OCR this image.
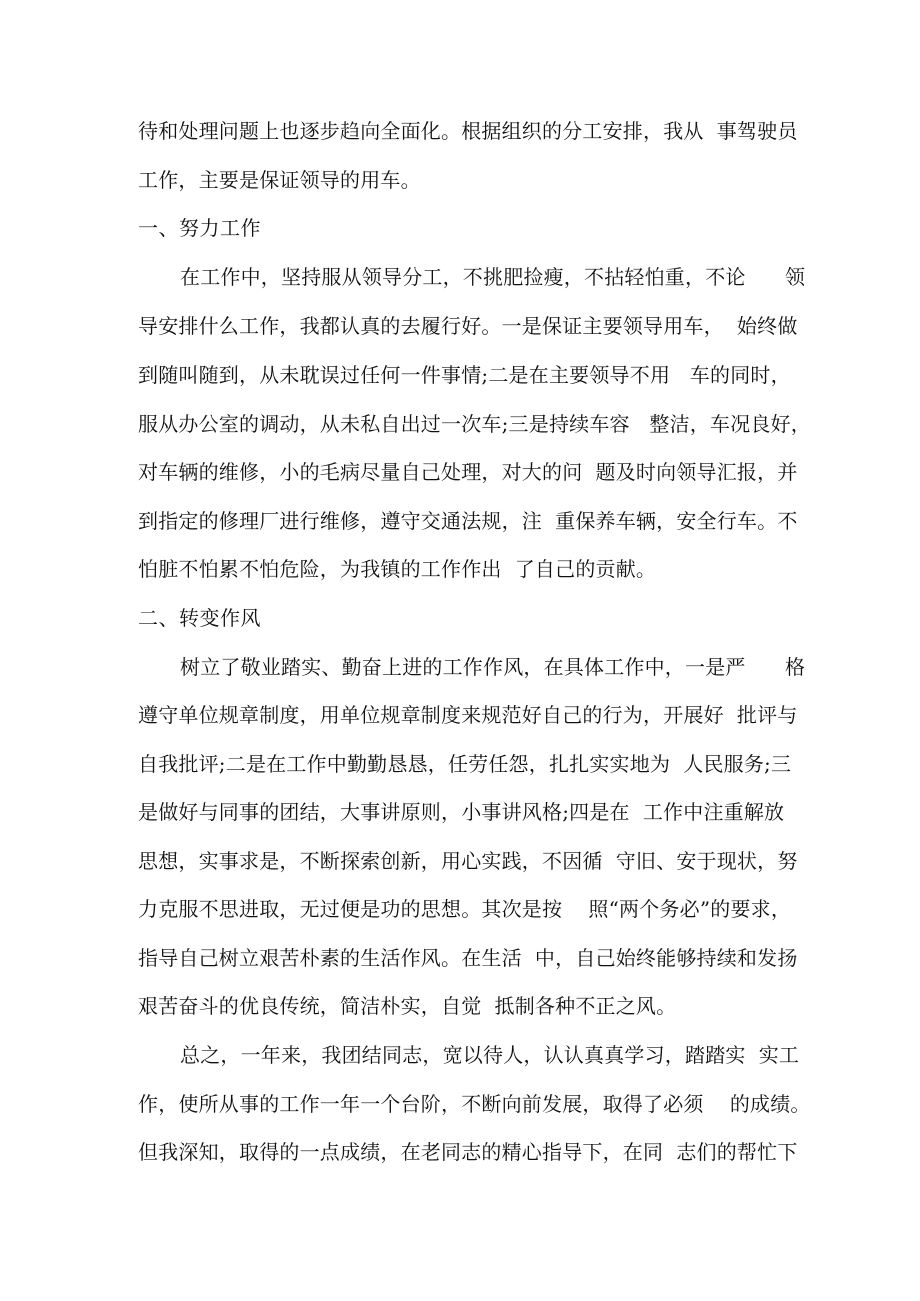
待和处理问题上也逐步趋向全面化。根据组织的分工安排，我从  事驾驶员
工作，主要是保证领导的用车。
一、努力工作
在工作中，坚持服从领导分工，不挑肥捡瘦，不拈轻怕重，不论      领
导安排什么工作，我都认真的去履行好。一是保证主要领导用车，  始终做
到随叫随到，从未耽误过任何一件事情;二是在主要领导不用   车的同时，
服从办公室的调动，从未私自出过一次车;三是持续车容   整洁，车况良好，
对车辆的维修，小的毛病尽量自己处理，对大的问  题及时向领导汇报，并
到指定的修理厂进行维修，遵守交通法规，注  重保养车辆，安全行车。不
怕脏不怕累不怕危险，为我镇的工作作出  了自己的贡献。
二、转变作风
树立了敬业踏实、勤奋上进的工作作风，在具体工作中，一是严      格
遵守单位规章制度，用单位规章制度来规范好自己的行为，开展好  批评与
自我批评;二是在工作中勤勤恳恳，任劳任怨，扎扎实实地为  人民服务;三
是做好与同事的团结，大事讲原则，小事讲风格;四是在  工作中注重解放
思想，实事求是，不断探索创新，用心实践，不因循  守旧、安于现状，努
力克服不思进取，无过便是功的思想。其次是按    照“两个务必”的要求，
指导自己树立艰苦朴素的生活作风。在生活  中，自己始终能够持续和发扬
艰苦奋斗的优良传统，简洁朴实，自觉  抵制各种不正之风。
总之，一年来，我团结同志，宽以待人，认认真真学习，踏踏实  实工
作，使所从事的工作一年一个台阶，不断向前发展，取得了必须    的成绩。
但我深知，取得的一点成绩，在老同志的精心指导下，在同  志们的帮忙下
